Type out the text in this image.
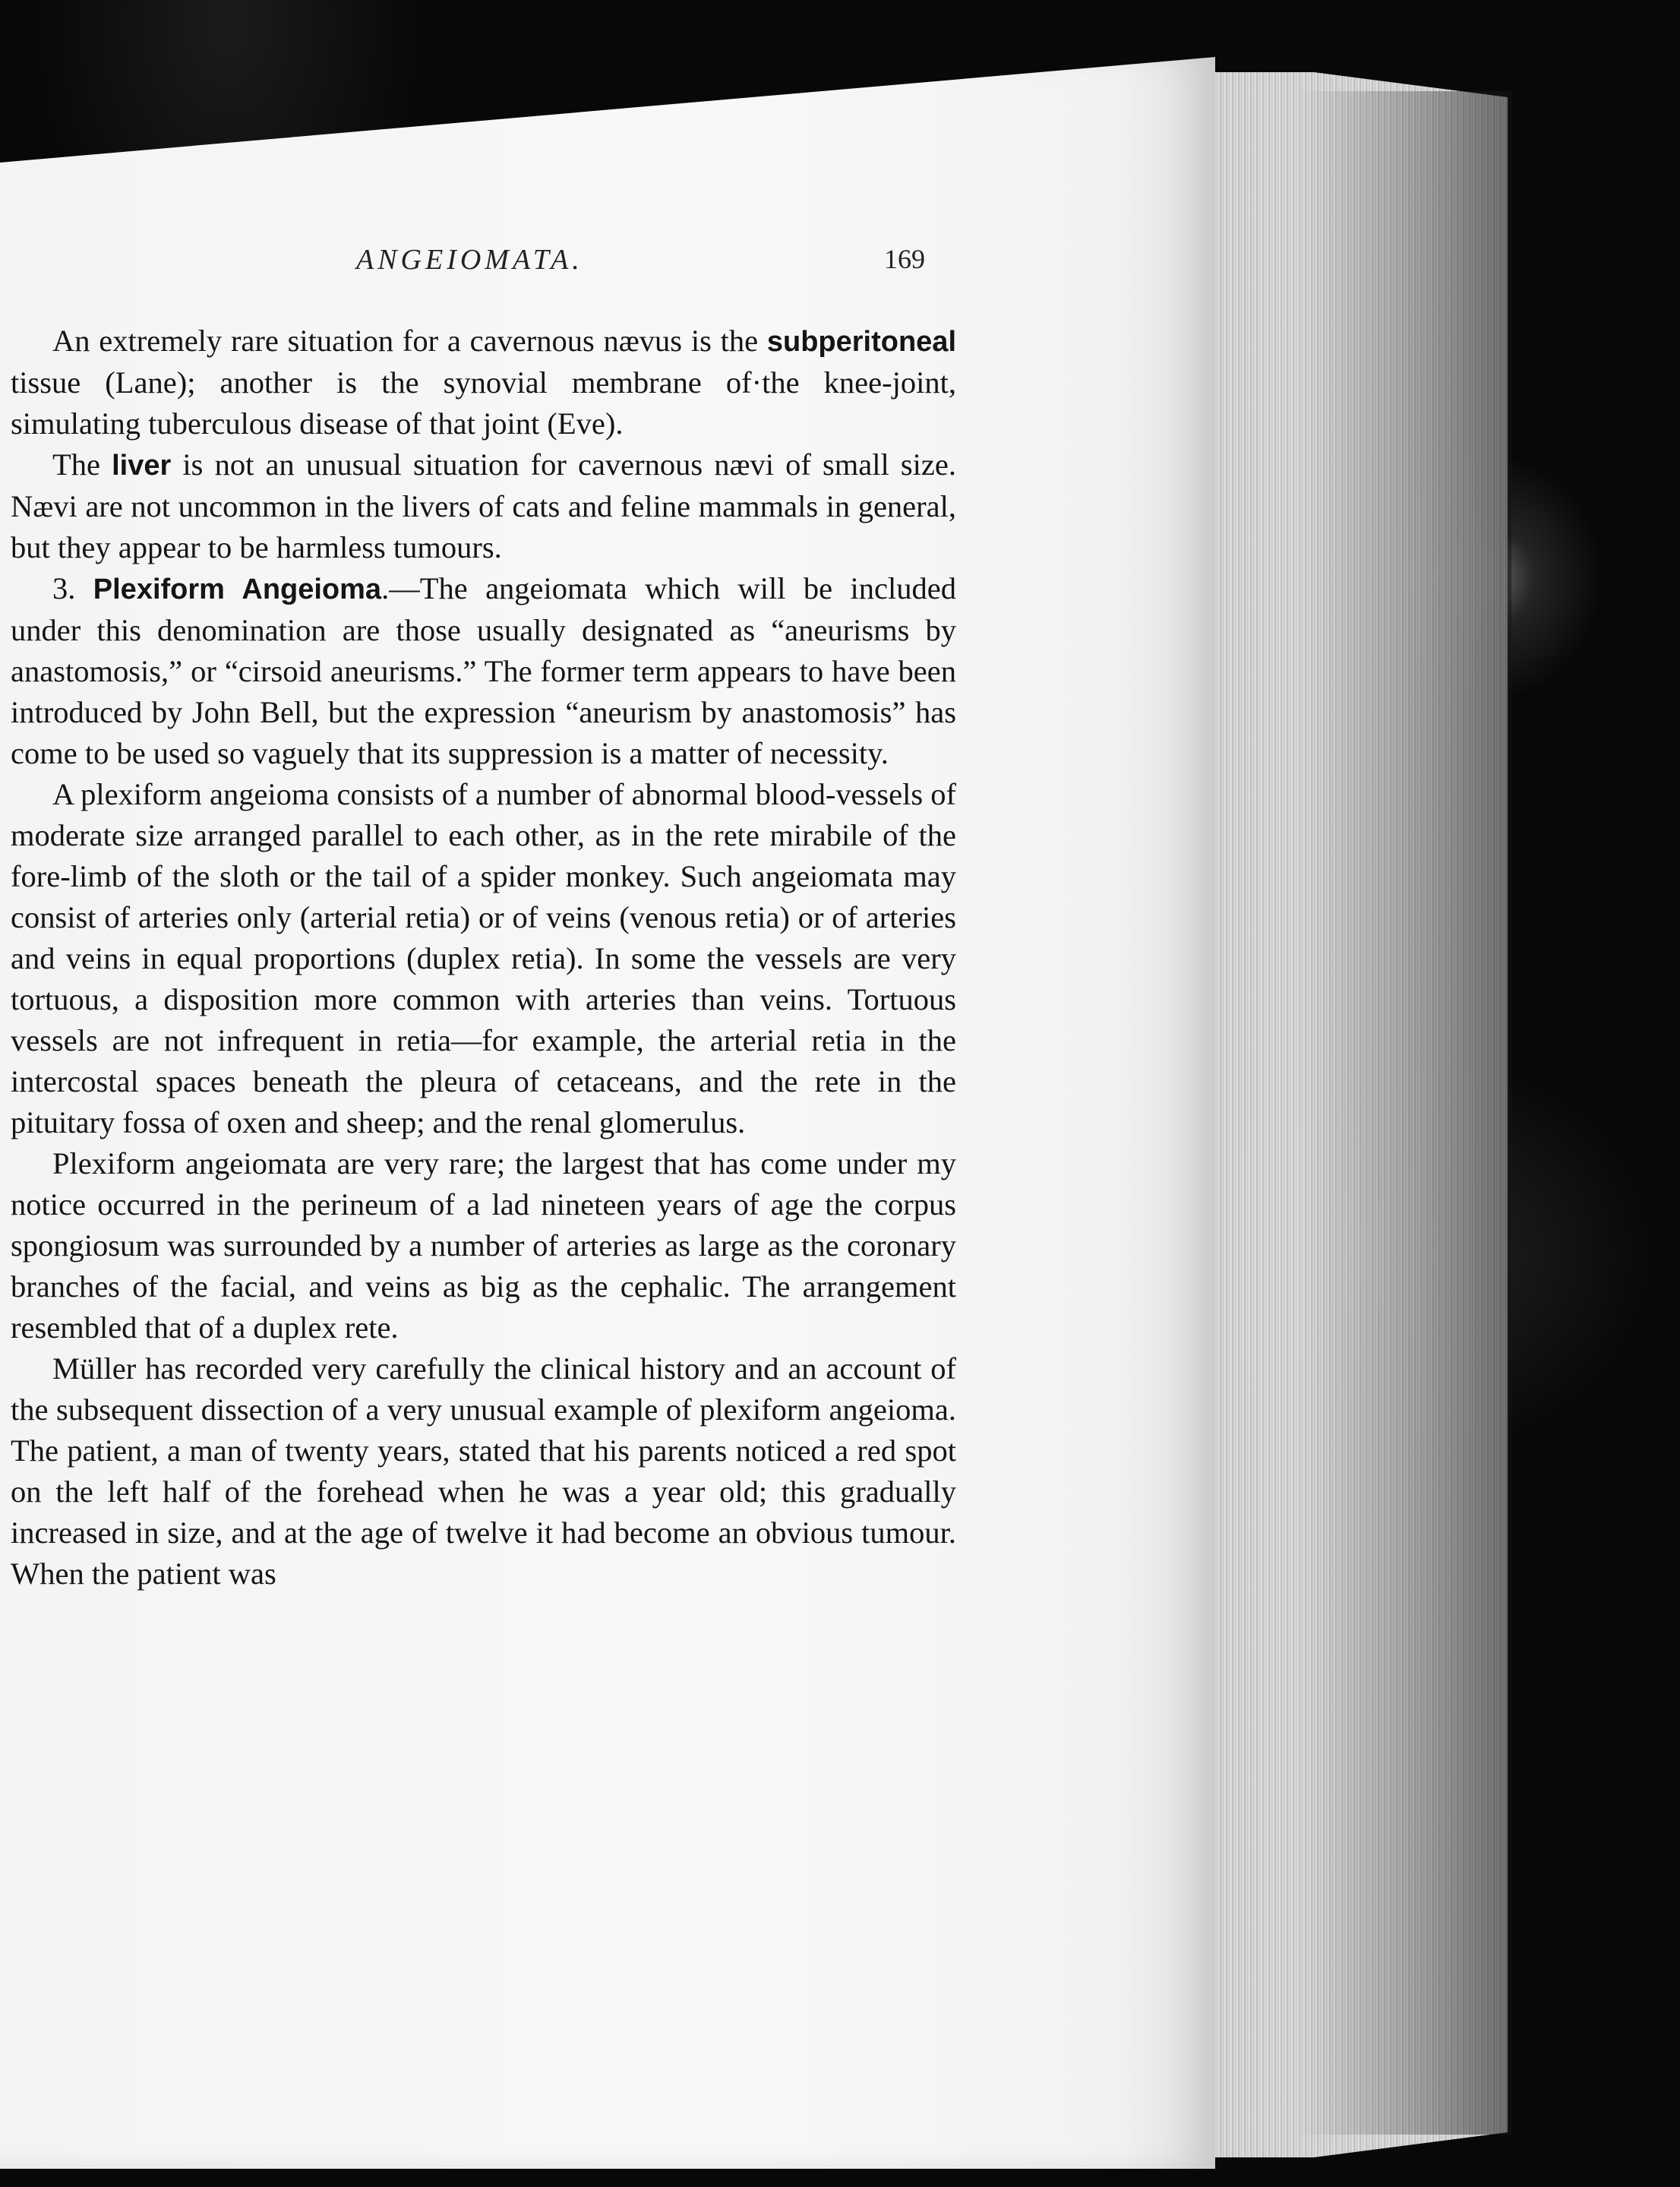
ANGEIOMATA.	169

An extremely rare situation for a cavernous nævus is the subperitoneal tissue (Lane); another is the synovial membrane of·the knee-joint, simulating tuberculous disease of that joint (Eve).

The liver is not an unusual situation for cavernous nævi of small size. Nævi are not uncommon in the livers of cats and feline mammals in general, but they appear to be harmless tumours.

3. Plexiform Angeioma.—The angeiomata which will be included under this denomination are those usually designated as “aneurisms by anastomosis,” or “cirsoid aneurisms.” The former term appears to have been introduced by John Bell, but the expression “aneurism by anastomosis” has come to be used so vaguely that its suppression is a matter of necessity.

A plexiform angeioma consists of a number of abnormal blood-vessels of moderate size arranged parallel to each other, as in the rete mirabile of the fore-limb of the sloth or the tail of a spider monkey. Such angeiomata may consist of arteries only (arterial retia) or of veins (venous retia) or of arteries and veins in equal proportions (duplex retia). In some the vessels are very tortuous, a disposition more common with arteries than veins. Tortuous vessels are not infrequent in retia—for example, the arterial retia in the intercostal spaces beneath the pleura of cetaceans, and the rete in the pituitary fossa of oxen and sheep; and the renal glomerulus.

Plexiform angeiomata are very rare; the largest that has come under my notice occurred in the perineum of a lad nineteen years of age the corpus spongiosum was surrounded by a number of arteries as large as the coronary branches of the facial, and veins as big as the cephalic. The arrangement resembled that of a duplex rete.

Müller has recorded very carefully the clinical history and an account of the subsequent dissection of a very unusual example of plexiform angeioma. The patient, a man of twenty years, stated that his parents noticed a red spot on the left half of the forehead when he was a year old; this gradually increased in size, and at the age of twelve it had become an obvious tumour. When the patient was
